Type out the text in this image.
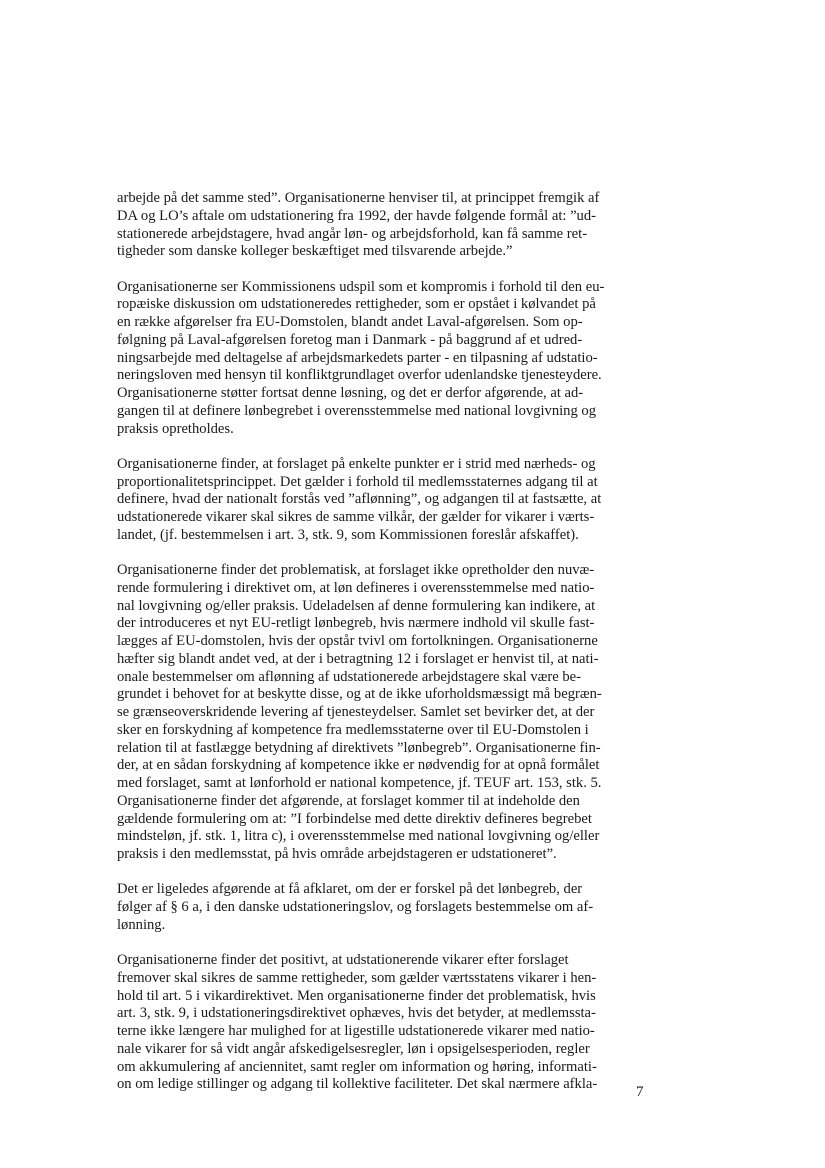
arbejde på det samme sted”. Organisationerne henviser til, at princippet fremgik af
DA og LO’s aftale om udstationering fra 1992, der havde følgende formål at: ”ud-
stationerede arbejdstagere, hvad angår løn- og arbejdsforhold, kan få samme ret-
tigheder som danske kolleger beskæftiget med tilsvarende arbejde.”
Organisationerne ser Kommissionens udspil som et kompromis i forhold til den eu-
ropæiske diskussion om udstationeredes rettigheder, som er opstået i kølvandet på
en række afgørelser fra EU-Domstolen, blandt andet Laval-afgørelsen. Som op-
følgning på Laval-afgørelsen foretog man i Danmark - på baggrund af et udred-
ningsarbejde med deltagelse af arbejdsmarkedets parter - en tilpasning af udstatio-
neringsloven med hensyn til konfliktgrundlaget overfor udenlandske tjenesteydere.
Organisationerne støtter fortsat denne løsning, og det er derfor afgørende, at ad-
gangen til at definere lønbegrebet i overensstemmelse med national lovgivning og
praksis opretholdes.
Organisationerne finder, at forslaget på enkelte punkter er i strid med nærheds- og
proportionalitetsprincippet. Det gælder i forhold til medlemsstaternes adgang til at
definere, hvad der nationalt forstås ved ”aflønning”, og adgangen til at fastsætte, at
udstationerede vikarer skal sikres de samme vilkår, der gælder for vikarer i værts-
landet, (jf. bestemmelsen i art. 3, stk. 9, som Kommissionen foreslår afskaffet).
Organisationerne finder det problematisk, at forslaget ikke opretholder den nuvæ-
rende formulering i direktivet om, at løn defineres i overensstemmelse med natio-
nal lovgivning og/eller praksis. Udeladelsen af denne formulering kan indikere, at
der introduceres et nyt EU-retligt lønbegreb, hvis nærmere indhold vil skulle fast-
lægges af EU-domstolen, hvis der opstår tvivl om fortolkningen. Organisationerne
hæfter sig blandt andet ved, at der i betragtning 12 i forslaget er henvist til, at nati-
onale bestemmelser om aflønning af udstationerede arbejdstagere skal være be-
grundet i behovet for at beskytte disse, og at de ikke uforholdsmæssigt må begræn-
se grænseoverskridende levering af tjenesteydelser. Samlet set bevirker det, at der
sker en forskydning af kompetence fra medlemsstaterne over til EU-Domstolen i
relation til at fastlægge betydning af direktivets ”lønbegreb”. Organisationerne fin-
der, at en sådan forskydning af kompetence ikke er nødvendig for at opnå formålet
med forslaget, samt at lønforhold er national kompetence, jf. TEUF art. 153, stk. 5.
Organisationerne finder det afgørende, at forslaget kommer til at indeholde den
gældende formulering om at: ”I forbindelse med dette direktiv defineres begrebet
mindsteløn, jf. stk. 1, litra c), i overensstemmelse med national lovgivning og/eller
praksis i den medlemsstat, på hvis område arbejdstageren er udstationeret”.
Det er ligeledes afgørende at få afklaret, om der er forskel på det lønbegreb, der
følger af § 6 a, i den danske udstationeringslov, og forslagets bestemmelse om af-
lønning.
Organisationerne finder det positivt, at udstationerende vikarer efter forslaget
fremover skal sikres de samme rettigheder, som gælder værtsstatens vikarer i hen-
hold til art. 5 i vikardirektivet. Men organisationerne finder det problematisk, hvis
art. 3, stk. 9, i udstationeringsdirektivet ophæves, hvis det betyder, at medlemssta-
terne ikke længere har mulighed for at ligestille udstationerede vikarer med natio-
nale vikarer for så vidt angår afskedigelsesregler, løn i opsigelsesperioden, regler
om akkumulering af anciennitet, samt regler om information og høring, informati-
on om ledige stillinger og adgang til kollektive faciliteter. Det skal nærmere afkla-	7
